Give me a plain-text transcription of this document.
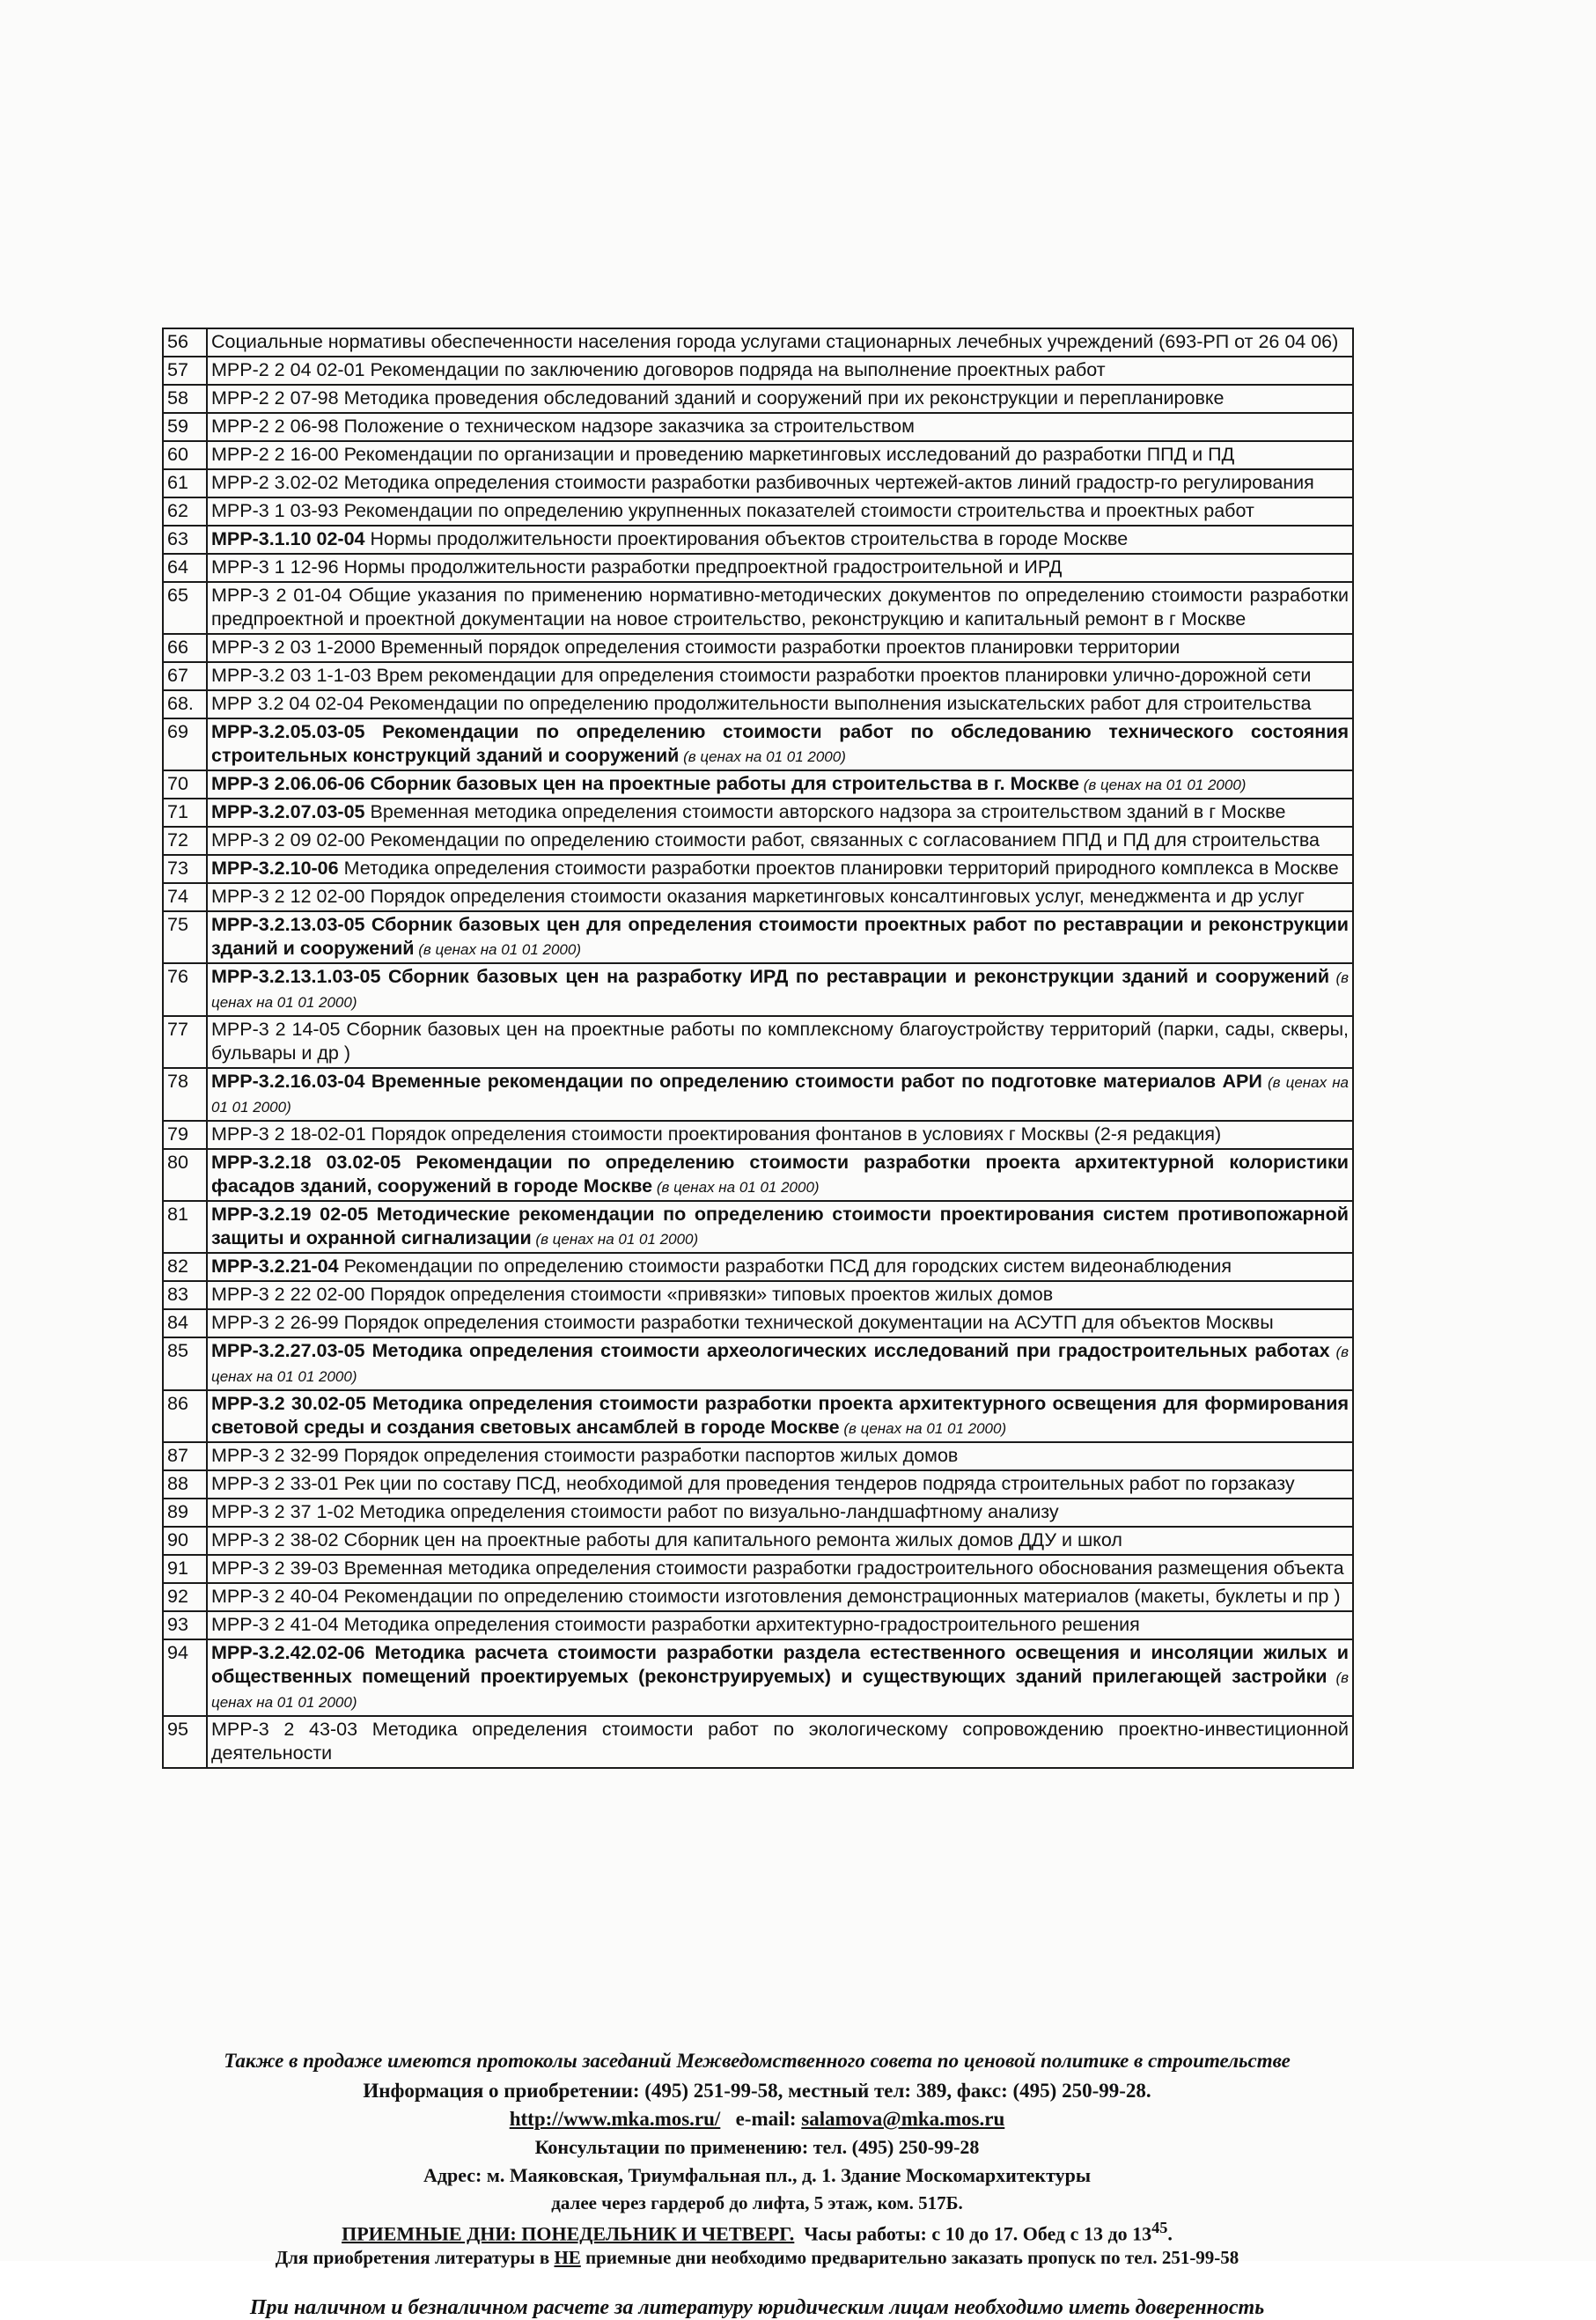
56	Социальные нормативы обеспеченности населения города услугами стационарных лечебных учреждений (693-РП от 26 04 06)
57	МРР-2 2 04 02-01 Рекомендации по заключению договоров подряда на выполнение проектных работ
58	МРР-2 2 07-98 Методика проведения обследований зданий и сооружений при их реконструкции и перепланировке
59	МРР-2 2 06-98 Положение о техническом надзоре заказчика за строительством
60	МРР-2 2 16-00 Рекомендации по организации и проведению маркетинговых исследований до разработки ППД и ПД
61	МРР-2 3.02-02 Методика определения стоимости разработки разбивочных чертежей-актов линий градостр-го регулирования
62	МРР-3 1 03-93 Рекомендации по определению укрупненных показателей стоимости строительства и проектных работ
63	МРР-3.1.10 02-04 Нормы продолжительности проектирования объектов строительства в городе Москве
64	МРР-3 1 12-96 Нормы продолжительности разработки предпроектной градостроительной и ИРД
65	МРР-3 2 01-04 Общие указания по применению нормативно-методических документов по определению стоимости разработки предпроектной и проектной документации на новое строительство, реконструкцию и капитальный ремонт в г Москве
66	МРР-3 2 03 1-2000 Временный порядок определения стоимости разработки проектов планировки территории
67	МРР-3.2 03 1-1-03 Врем рекомендации для определения стоимости разработки проектов планировки улично-дорожной сети
68.	МРР 3.2 04 02-04 Рекомендации по определению продолжительности выполнения изыскательских работ для строительства
69	МРР-3.2.05.03-05 Рекомендации по определению стоимости работ по обследованию технического состояния строительных конструкций зданий и сооружений (в ценах на 01 01 2000)
70	МРР-3 2.06.06-06 Сборник базовых цен на проектные работы для строительства в г. Москве (в ценах на 01 01 2000)
71	МРР-3.2.07.03-05 Временная методика определения стоимости авторского надзора за строительством зданий в г Москве
72	МРР-3 2 09 02-00 Рекомендации по определению стоимости работ, связанных с согласованием ППД и ПД для строительства
73	МРР-3.2.10-06 Методика определения стоимости разработки проектов планировки территорий природного комплекса в Москве
74	МРР-3 2 12 02-00 Порядок определения стоимости оказания маркетинговых консалтинговых услуг, менеджмента и др услуг
75	МРР-3.2.13.03-05 Сборник базовых цен для определения стоимости проектных работ по реставрации и реконструкции зданий и сооружений (в ценах на 01 01 2000)
76	МРР-3.2.13.1.03-05 Сборник базовых цен на разработку ИРД по реставрации и реконструкции зданий и сооружений (в ценах на 01 01 2000)
77	МРР-3 2 14-05 Сборник базовых цен на проектные работы по комплексному благоустройству территорий (парки, сады, скверы, бульвары и др )
78	МРР-3.2.16.03-04 Временные рекомендации по определению стоимости работ по подготовке материалов АРИ (в ценах на 01 01 2000)
79	МРР-3 2 18-02-01 Порядок определения стоимости проектирования фонтанов в условиях г Москвы (2-я редакция)
80	МРР-3.2.18 03.02-05 Рекомендации по определению стоимости разработки проекта архитектурной колористики фасадов зданий, сооружений в городе Москве (в ценах на 01 01 2000)
81	МРР-3.2.19 02-05 Методические рекомендации по определению стоимости проектирования систем противопожарной защиты и охранной сигнализации (в ценах на 01 01 2000)
82	МРР-3.2.21-04 Рекомендации по определению стоимости разработки ПСД для городских систем видеонаблюдения
83	МРР-3 2 22 02-00 Порядок определения стоимости «привязки» типовых проектов жилых домов
84	МРР-3 2 26-99 Порядок определения стоимости разработки технической документации на АСУТП для объектов Москвы
85	МРР-3.2.27.03-05 Методика определения стоимости археологических исследований при градостроительных работах (в ценах на 01 01 2000)
86	МРР-3.2 30.02-05 Методика определения стоимости разработки проекта архитектурного освещения для формирования световой среды и создания световых ансамблей в городе Москве (в ценах на 01 01 2000)
87	МРР-3 2 32-99 Порядок определения стоимости разработки паспортов жилых домов
88	МРР-3 2 33-01 Рек ции по составу ПСД, необходимой для проведения тендеров подряда строительных работ по горзаказу
89	МРР-3 2 37 1-02 Методика определения стоимости работ по визуально-ландшафтному анализу
90	МРР-3 2 38-02 Сборник цен на проектные работы для капитального ремонта жилых домов ДДУ и школ
91	МРР-3 2 39-03 Временная методика определения стоимости разработки градостроительного обоснования размещения объекта
92	МРР-3 2 40-04 Рекомендации по определению стоимости изготовления демонстрационных материалов (макеты, буклеты и пр )
93	МРР-3 2 41-04 Методика определения стоимости разработки архитектурно-градостроительного решения
94	МРР-3.2.42.02-06 Методика расчета стоимости разработки раздела естественного освещения и инсоляции жилых и общественных помещений проектируемых (реконструируемых) и существующих зданий прилегающей застройки (в ценах на 01 01 2000)
95	МРР-3 2 43-03 Методика определения стоимости работ по экологическому сопровождению проектно-инвестиционной деятельности
Также в продаже имеются протоколы заседаний Межведомственного совета по ценовой политике в строительстве
Информация о приобретении: (495) 251-99-58, местный тел: 389, факс: (495) 250-99-28.
http://www.mka.mos.ru/ e-mail: salamova@mka.mos.ru
Консультации по применению: тел. (495) 250-99-28
Адрес: м. Маяковская, Триумфальная пл., д. 1. Здание Москомархитектуры
далее через гардероб до лифта, 5 этаж, ком. 517Б.
ПРИЕМНЫЕ ДНИ: ПОНЕДЕЛЬНИК И ЧЕТВЕРГ. Часы работы: с 10 до 17. Обед с 13 до $13^{45}$.
Для приобретения литературы в НЕ приемные дни необходимо предварительно заказать пропуск по тел. 251-99-58
При наличном и безналичном расчете за литературу юридическим лицам необходимо иметь доверенность
